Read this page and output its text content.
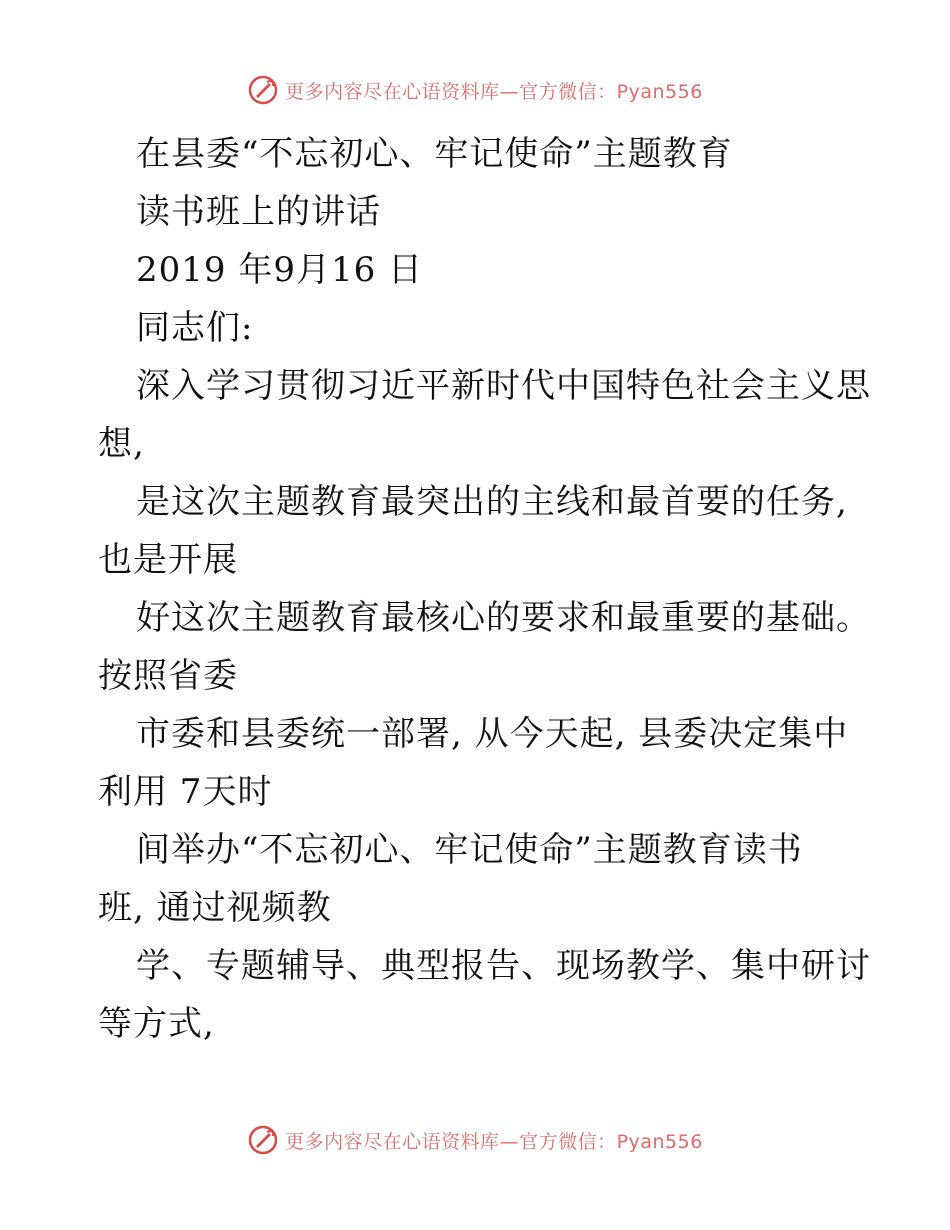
更多内容尽在心语资料库—官方微信：Pyan556
在县委“不忘初心、牢记使命”主题教育
读书班上的讲话
2019 年9月16 日
同志们:
深入学习贯彻习近平新时代中国特色社会主义思
想,
是这次主题教育最突出的主线和最首要的任务,
也是开展
好这次主题教育最核心的要求和最重要的基础。
按照省委
市委和县委统一部署, 从今天起, 县委决定集中
利用 7天时
间举办“不忘初心、牢记使命”主题教育读书
班, 通过视频教
学、专题辅导、典型报告、现场教学、集中研讨
等方式,
更多内容尽在心语资料库—官方微信：Pyan556
